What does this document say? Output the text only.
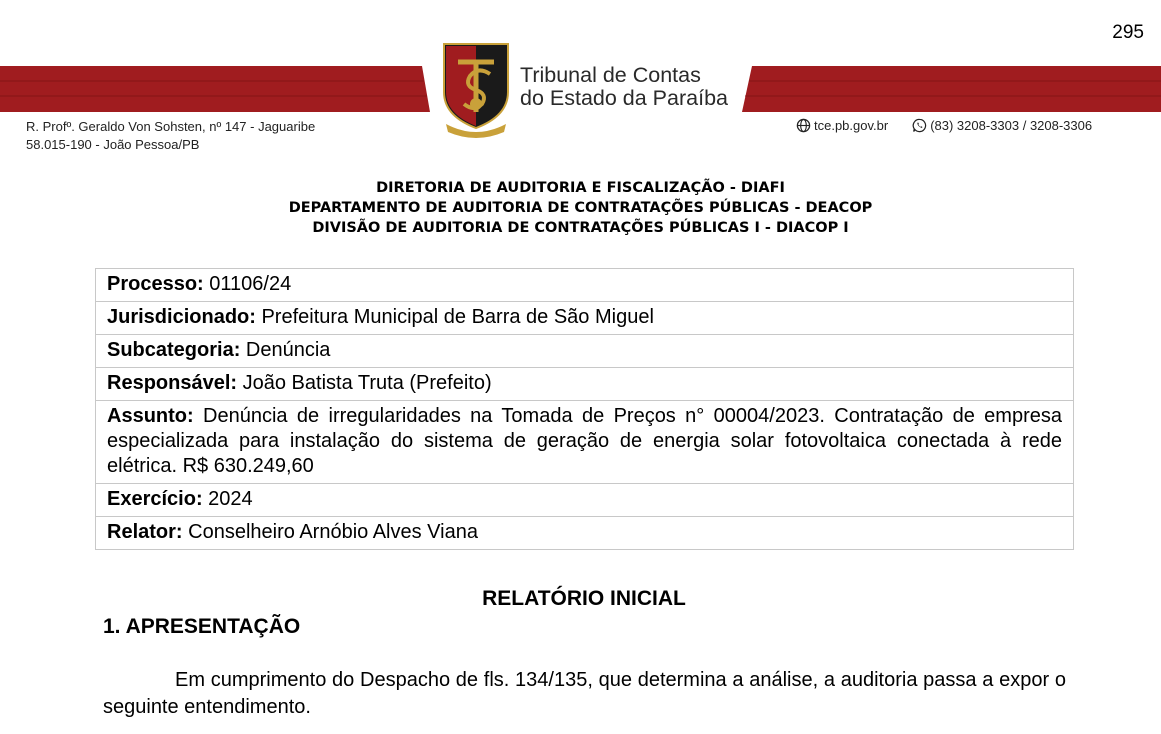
295
Tribunal de Contas
do Estado da Paraíba
R. Profº. Geraldo Von Sohsten, nº 147 - Jaguaribe
58.015-190 - João Pessoa/PB
tce.pb.gov.br	(83) 3208-3303 / 3208-3306
DIRETORIA DE AUDITORIA E FISCALIZAÇÃO - DIAFI
DEPARTAMENTO DE AUDITORIA DE CONTRATAÇÕES PÚBLICAS - DEACOP
DIVISÃO DE AUDITORIA DE CONTRATAÇÕES PÚBLICAS I - DIACOP I
Processo: 01106/24
Jurisdicionado: Prefeitura Municipal de Barra de São Miguel
Subcategoria: Denúncia
Responsável: João Batista Truta (Prefeito)
Assunto: Denúncia de irregularidades na Tomada de Preços n° 00004/2023. Contratação de empresa especializada para instalação do sistema de geração de energia solar fotovoltaica conectada à rede elétrica. R$ 630.249,60
Exercício: 2024
Relator: Conselheiro Arnóbio Alves Viana
RELATÓRIO INICIAL
1. APRESENTAÇÃO
Em cumprimento do Despacho de fls. 134/135, que determina a análise, a auditoria passa a expor o seguinte entendimento.
